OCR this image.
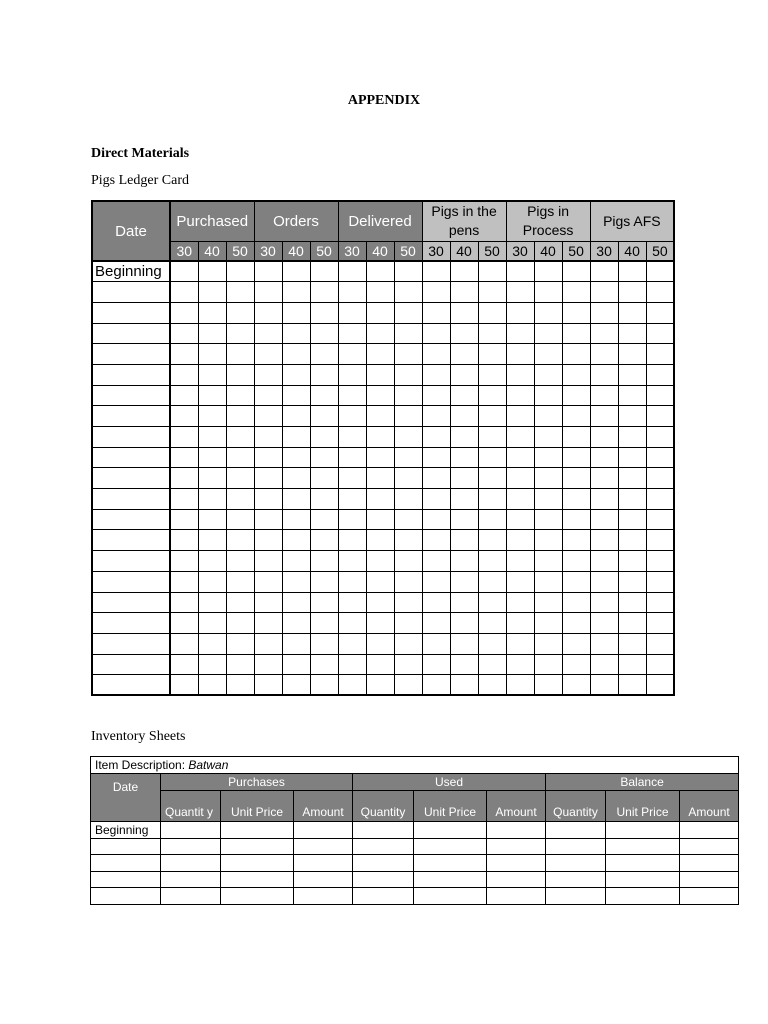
APPENDIX
Direct Materials
Pigs Ledger Card
Date	Purchased			Orders			Delivered			Pigs in the pens			Pigs in Process			Pigs AFS		
	30	40	50	30	40	50	30	40	50	30	40	50	30	40	50	30	40	50
Beginning																		

Inventory Sheets
Item Description: Batwan									
Date	Purchases			Used			Balance		
	Quantit y	Unit Price	Amount	Quantity	Unit Price	Amount	Quantity	Unit Price	Amount
Beginning									
